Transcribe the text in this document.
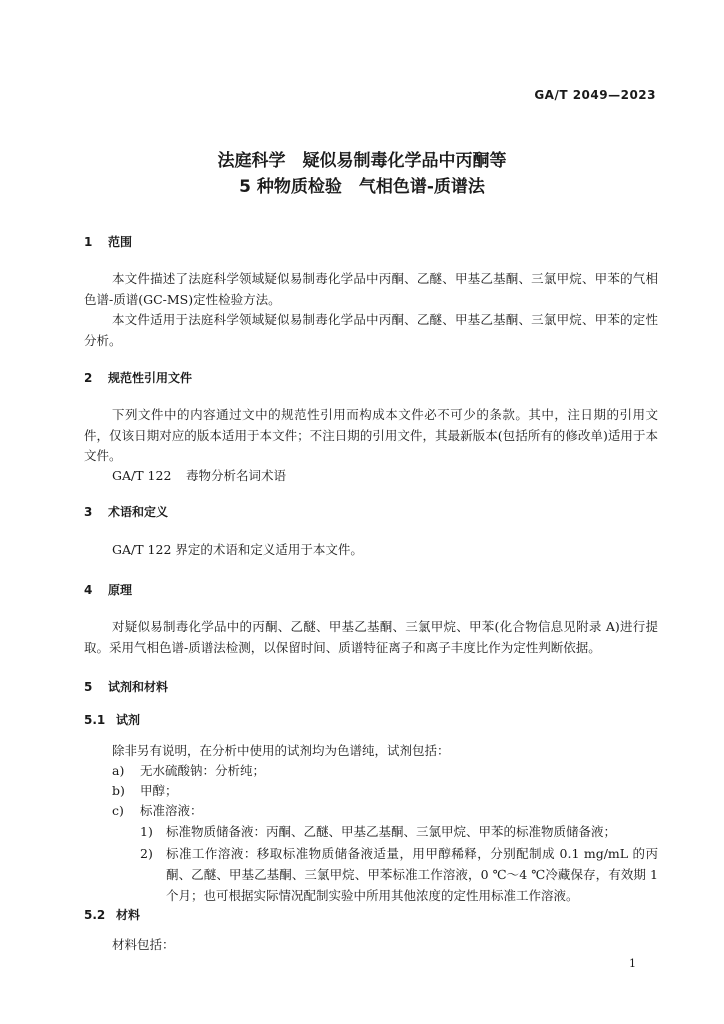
GA/T 2049—2023
法庭科学　疑似易制毒化学品中丙酮等
5 种物质检验　气相色谱-质谱法
1 范围
本文件描述了法庭科学领域疑似易制毒化学品中丙酮、乙醚、甲基乙基酮、三氯甲烷、甲苯的气相色谱-质谱(GC-MS)定性检验方法。
本文件适用于法庭科学领域疑似易制毒化学品中丙酮、乙醚、甲基乙基酮、三氯甲烷、甲苯的定性分析。
2 规范性引用文件
下列文件中的内容通过文中的规范性引用而构成本文件必不可少的条款。其中，注日期的引用文件，仅该日期对应的版本适用于本文件；不注日期的引用文件，其最新版本(包括所有的修改单)适用于本文件。
GA/T 122 毒物分析名词术语
3 术语和定义
GA/T 122 界定的术语和定义适用于本文件。
4 原理
对疑似易制毒化学品中的丙酮、乙醚、甲基乙基酮、三氯甲烷、甲苯(化合物信息见附录 A)进行提取。采用气相色谱-质谱法检测，以保留时间、质谱特征离子和离子丰度比作为定性判断依据。
5 试剂和材料
5.1 试剂
除非另有说明，在分析中使用的试剂均为色谱纯，试剂包括：
a) 无水硫酸钠：分析纯；
b) 甲醇；
c) 标准溶液：
1) 标准物质储备液：丙酮、乙醚、甲基乙基酮、三氯甲烷、甲苯的标准物质储备液；
2) 标准工作溶液：移取标准物质储备液适量，用甲醇稀释，分别配制成 0.1 mg/mL 的丙酮、乙醚、甲基乙基酮、三氯甲烷、甲苯标准工作溶液，0 ℃～4 ℃冷藏保存，有效期 1 个月；也可根据实际情况配制实验中所用其他浓度的定性用标准工作溶液。
5.2 材料
材料包括：
1
